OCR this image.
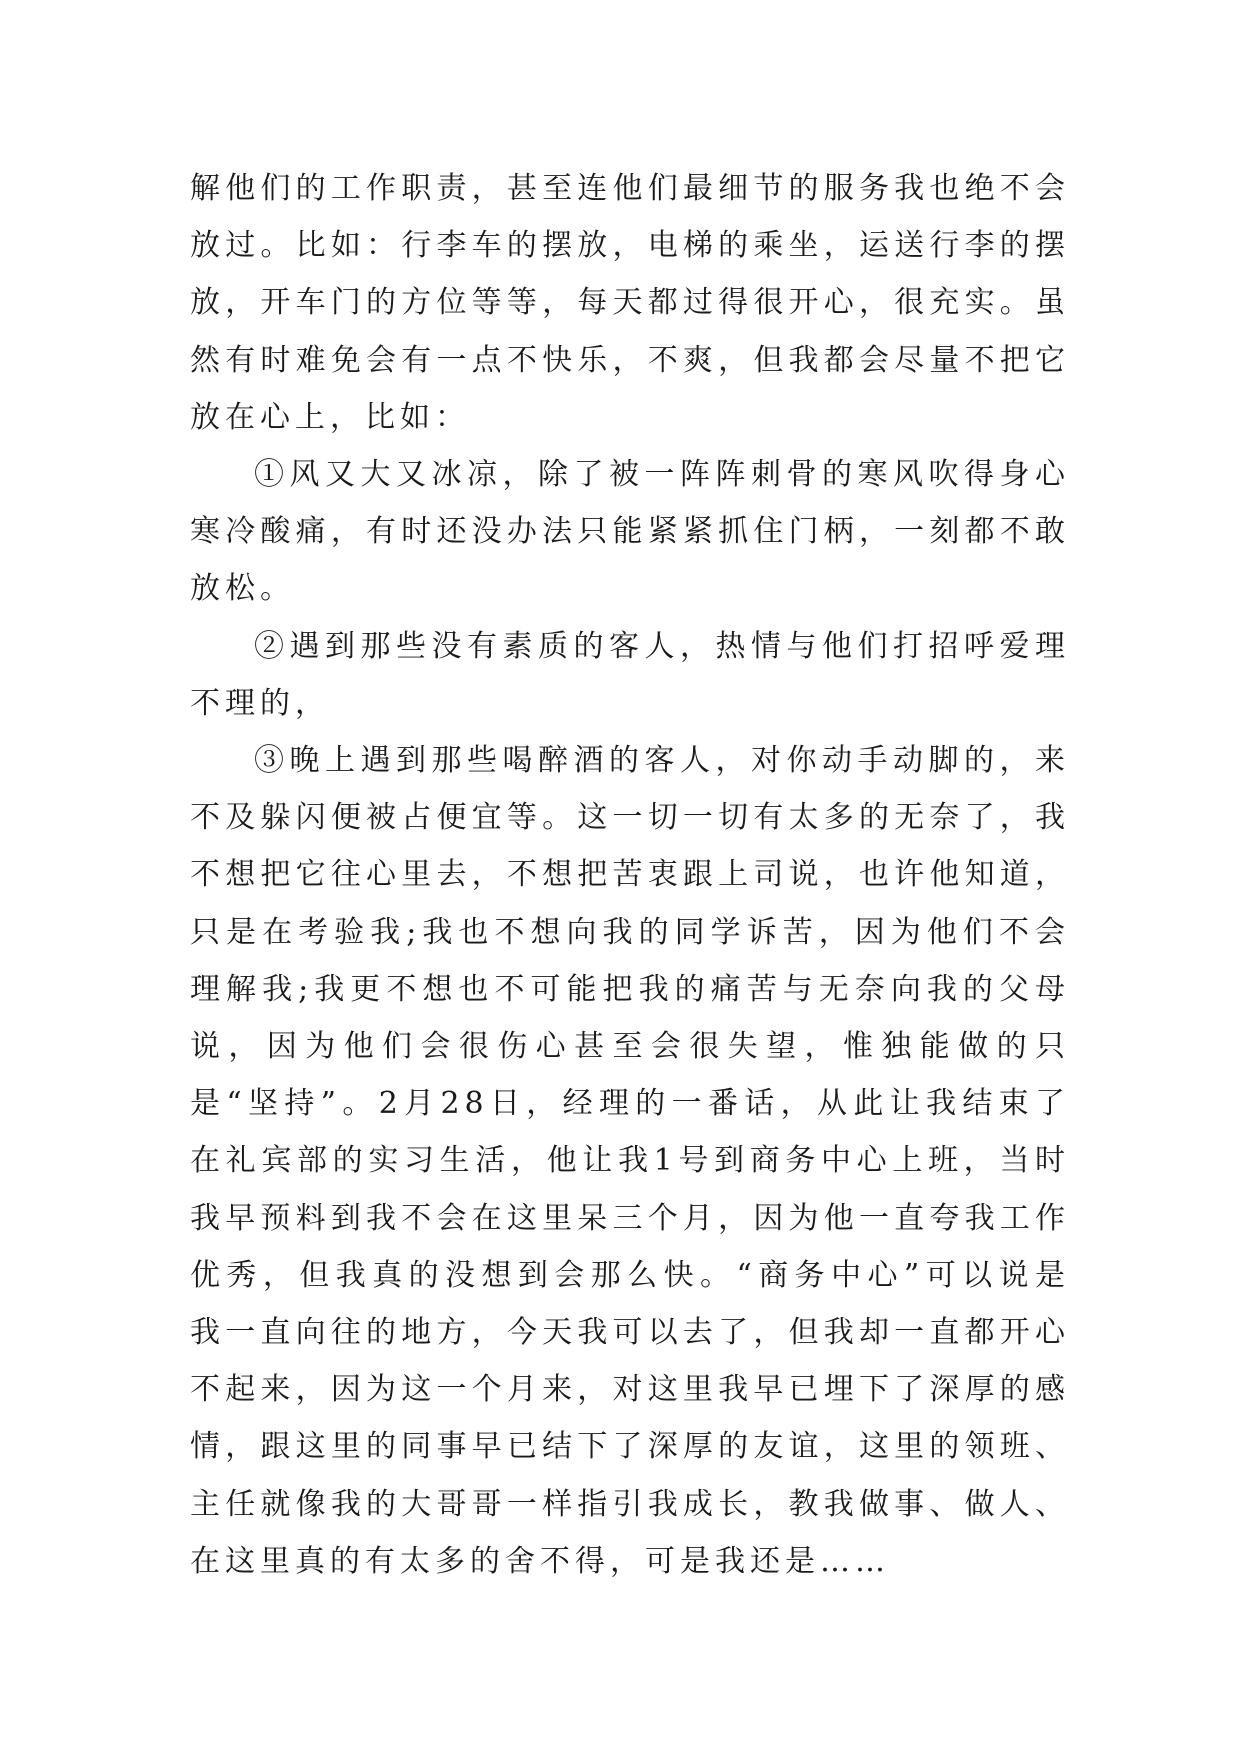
解他们的工作职责，甚至连他们最细节的服务我也绝不会放过。比如：行李车的摆放，电梯的乘坐，运送行李的摆放，开车门的方位等等，每天都过得很开心，很充实。虽然有时难免会有一点不快乐，不爽，但我都会尽量不把它放在心上，比如：

①风又大又冰凉，除了被一阵阵刺骨的寒风吹得身心寒冷酸痛，有时还没办法只能紧紧抓住门柄，一刻都不敢放松。

②遇到那些没有素质的客人，热情与他们打招呼爱理不理的，

③晚上遇到那些喝醉酒的客人，对你动手动脚的，来不及躲闪便被占便宜等。这一切一切有太多的无奈了，我不想把它往心里去，不想把苦衷跟上司说，也许他知道，只是在考验我;我也不想向我的同学诉苦，因为他们不会理解我;我更不想也不可能把我的痛苦与无奈向我的父母说，因为他们会很伤心甚至会很失望，惟独能做的只是“坚持”。2月28日，经理的一番话，从此让我结束了在礼宾部的实习生活，他让我1号到商务中心上班，当时我早预料到我不会在这里呆三个月，因为他一直夸我工作优秀，但我真的没想到会那么快。“商务中心”可以说是我一直向往的地方，今天我可以去了，但我却一直都开心不起来，因为这一个月来，对这里我早已埋下了深厚的感情，跟这里的同事早已结下了深厚的友谊，这里的领班、主任就像我的大哥哥一样指引我成长，教我做事、做人、在这里真的有太多的舍不得，可是我还是……
